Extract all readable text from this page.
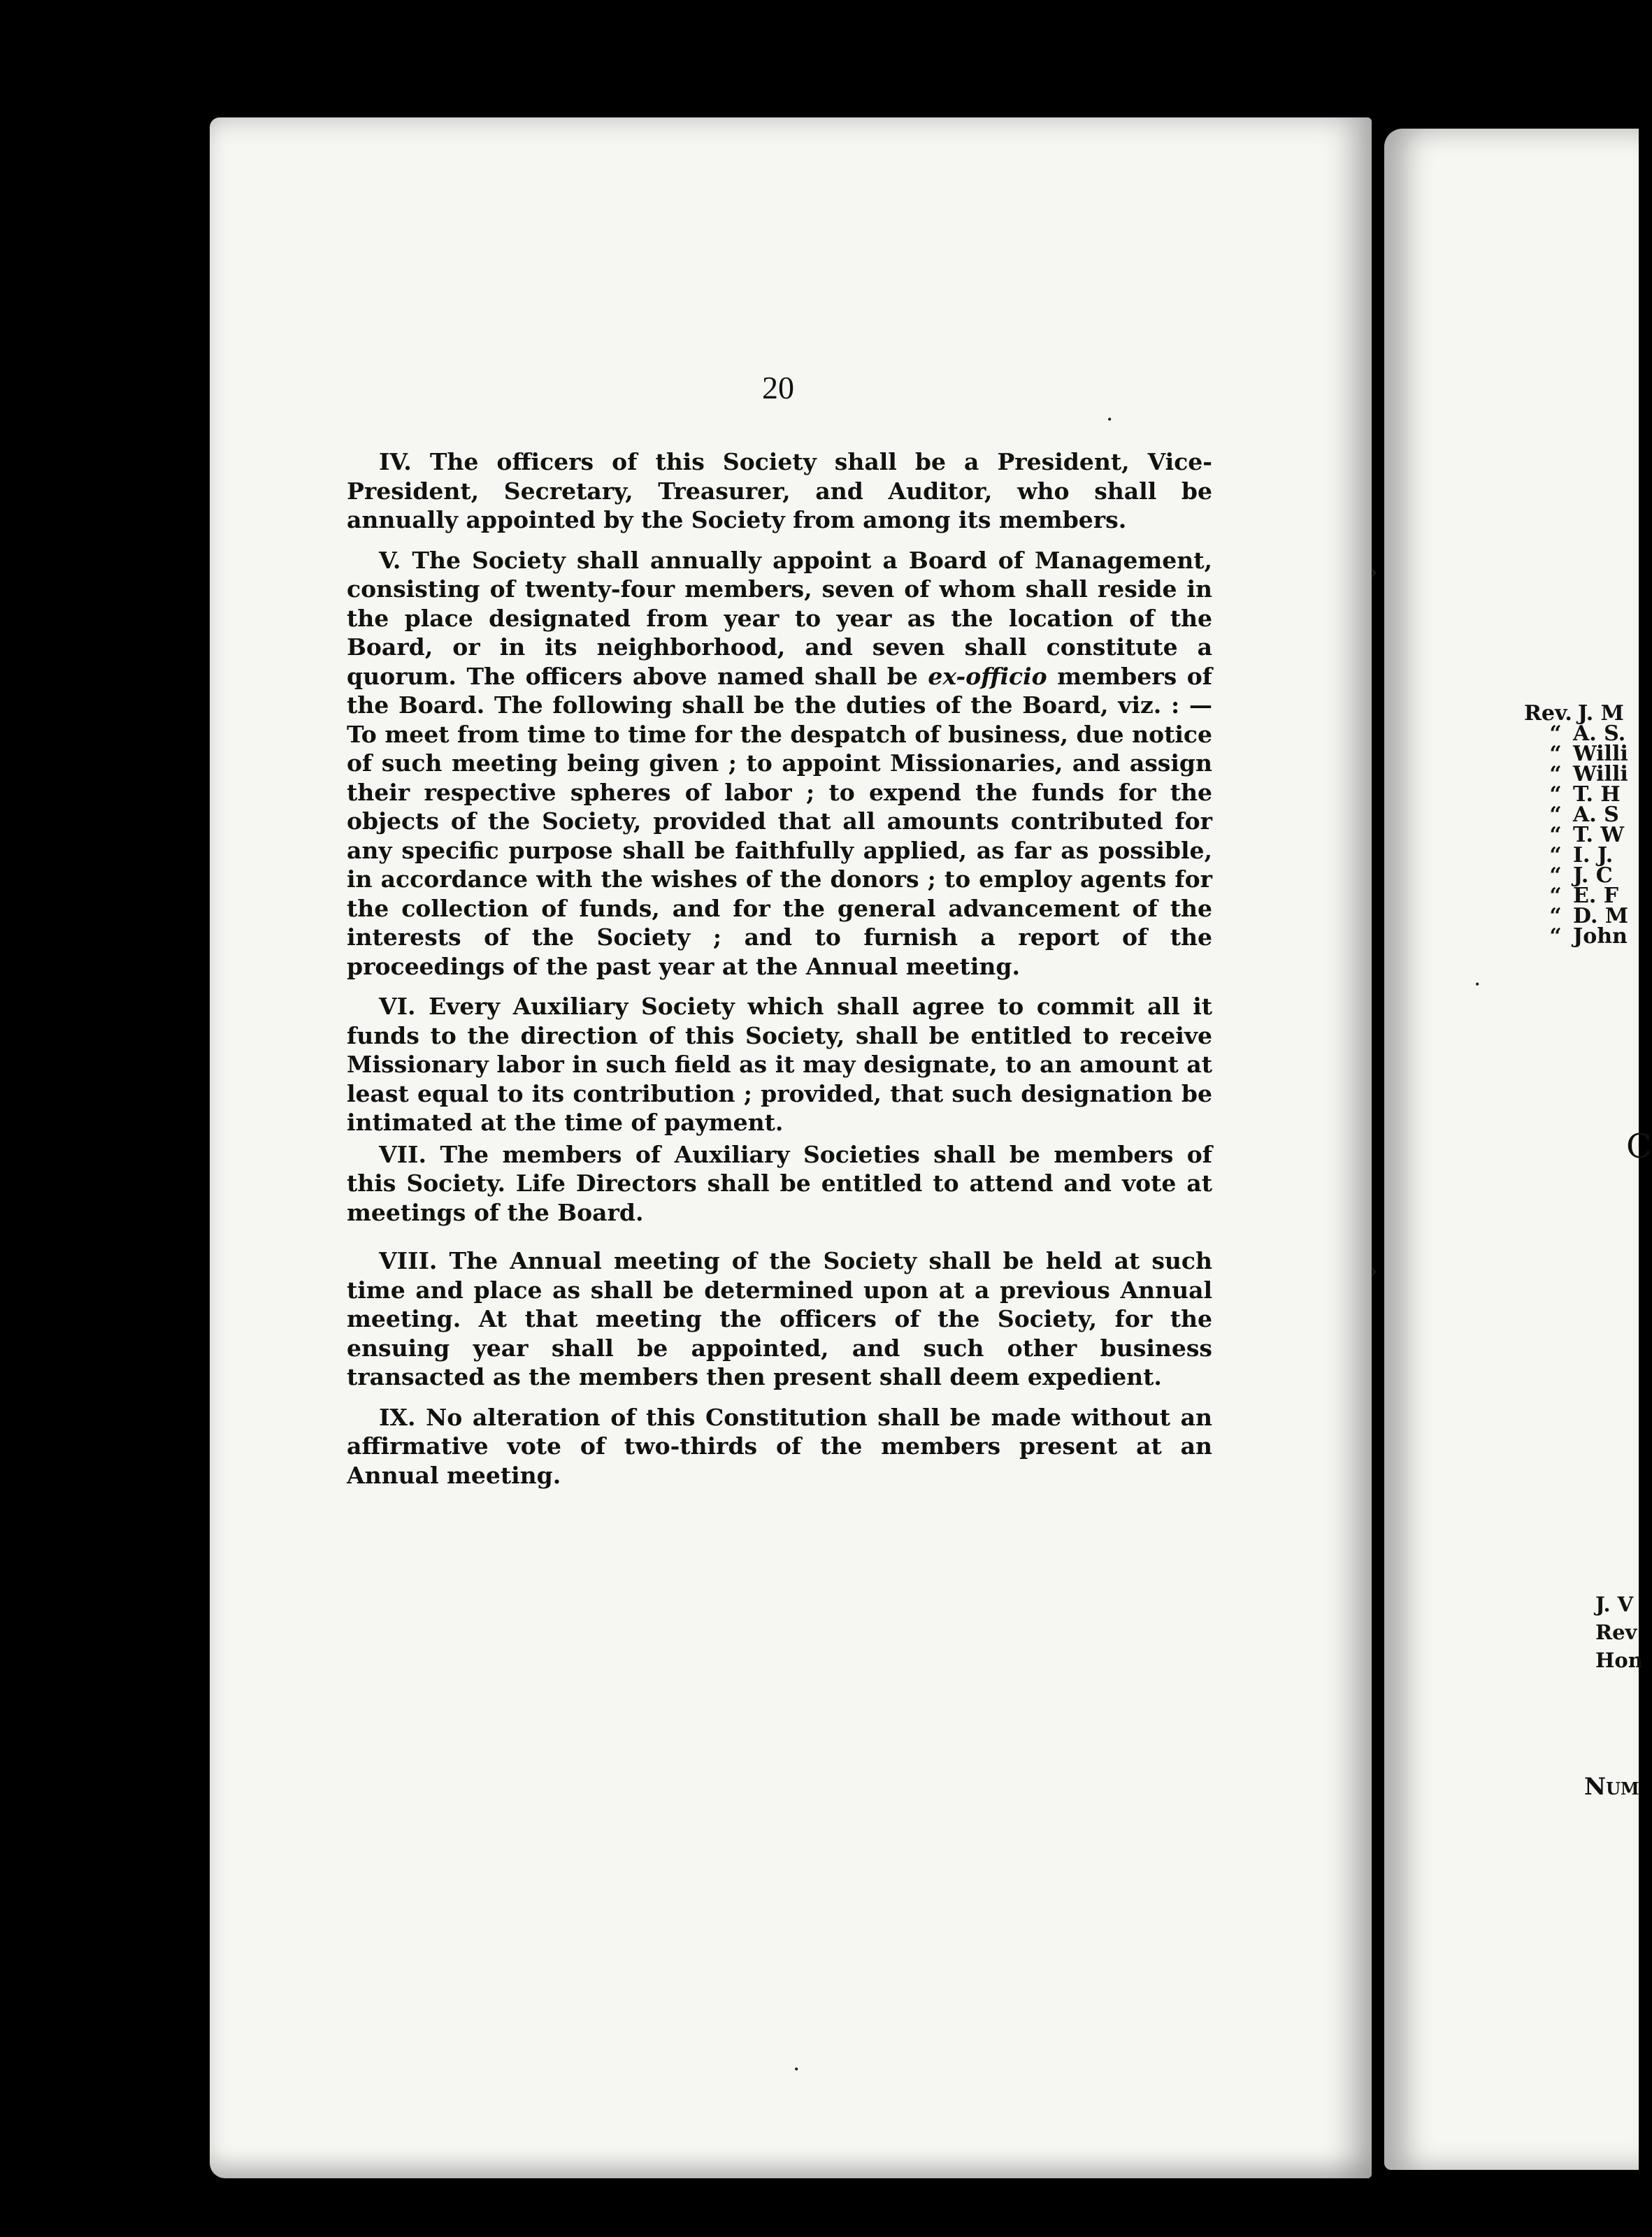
20

IV. The officers of this Society shall be a President, Vice-President, Secretary, Treasurer, and Auditor, who shall be annually appointed by the Society from among its members.

V. The Society shall annually appoint a Board of Management, consisting of twenty-four members, seven of whom shall reside in the place designated from year to year as the location of the Board, or in its neighborhood, and seven shall constitute a quorum. The officers above named shall be ex-officio members of the Board. The following shall be the duties of the Board, viz. : —To meet from time to time for the despatch of business, due notice of such meeting being given ; to appoint Missionaries, and assign their respective spheres of labor ; to expend the funds for the objects of the Society, provided that all amounts contributed for any specific purpose shall be faithfully applied, as far as possible, in accordance with the wishes of the donors ; to employ agents for the collection of funds, and for the general advancement of the interests of the Society ; and to furnish a report of the proceedings of the past year at the Annual meeting.

VI. Every Auxiliary Society which shall agree to commit all it funds to the direction of this Society, shall be entitled to receive Missionary labor in such field as it may designate, to an amount at least equal to its contribution ; provided, that such designation be intimated at the time of payment.

VII. The members of Auxiliary Societies shall be members of this Society. Life Directors shall be entitled to attend and vote at meetings of the Board.

VIII. The Annual meeting of the Society shall be held at such time and place as shall be determined upon at a previous Annual meeting. At that meeting the officers of the Society, for the ensuing year shall be appointed, and such other business transacted as the members then present shall deem expedient.

IX. No alteration of this Constitution shall be made without an affirmative vote of two-thirds of the members present at an Annual meeting.

Rev. J. M
“ A. S.
“ Willi
“ Willi
“ T. H
“ A. S
“ T. W
“ I. J.
“ J. C
“ E. F
“ D. M
“ John
C
J. V
Rev
Hon
Num
•
›
›
•
•
